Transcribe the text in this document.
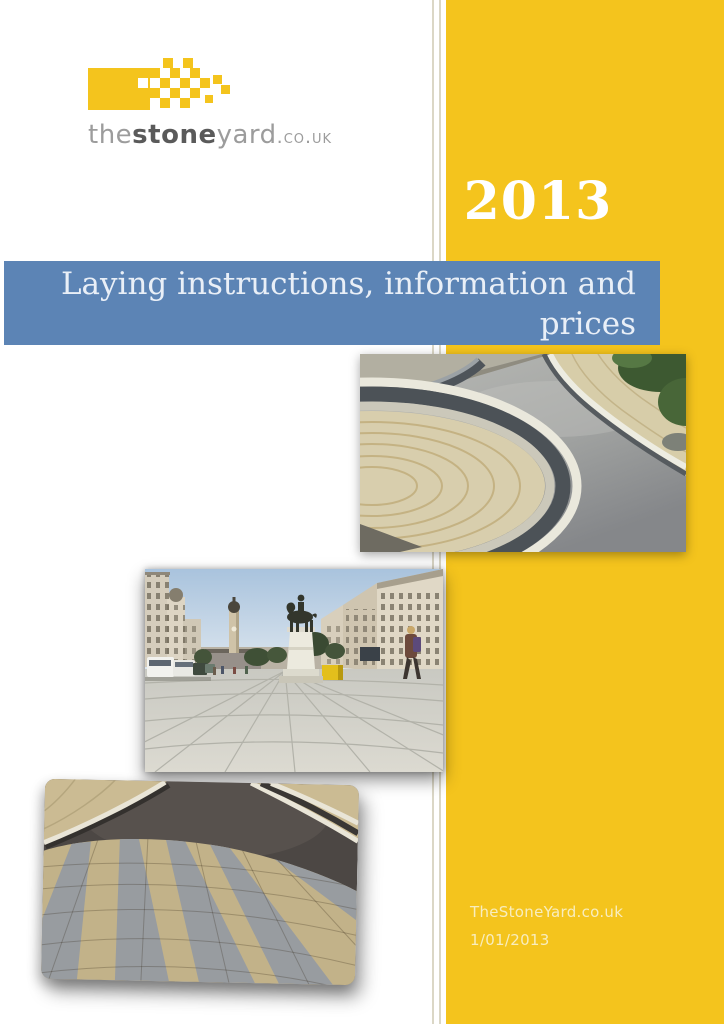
thestoneyard.co.uk
2013
Laying instructions, information and
prices
TheStoneYard.co.uk
1/01/2013
